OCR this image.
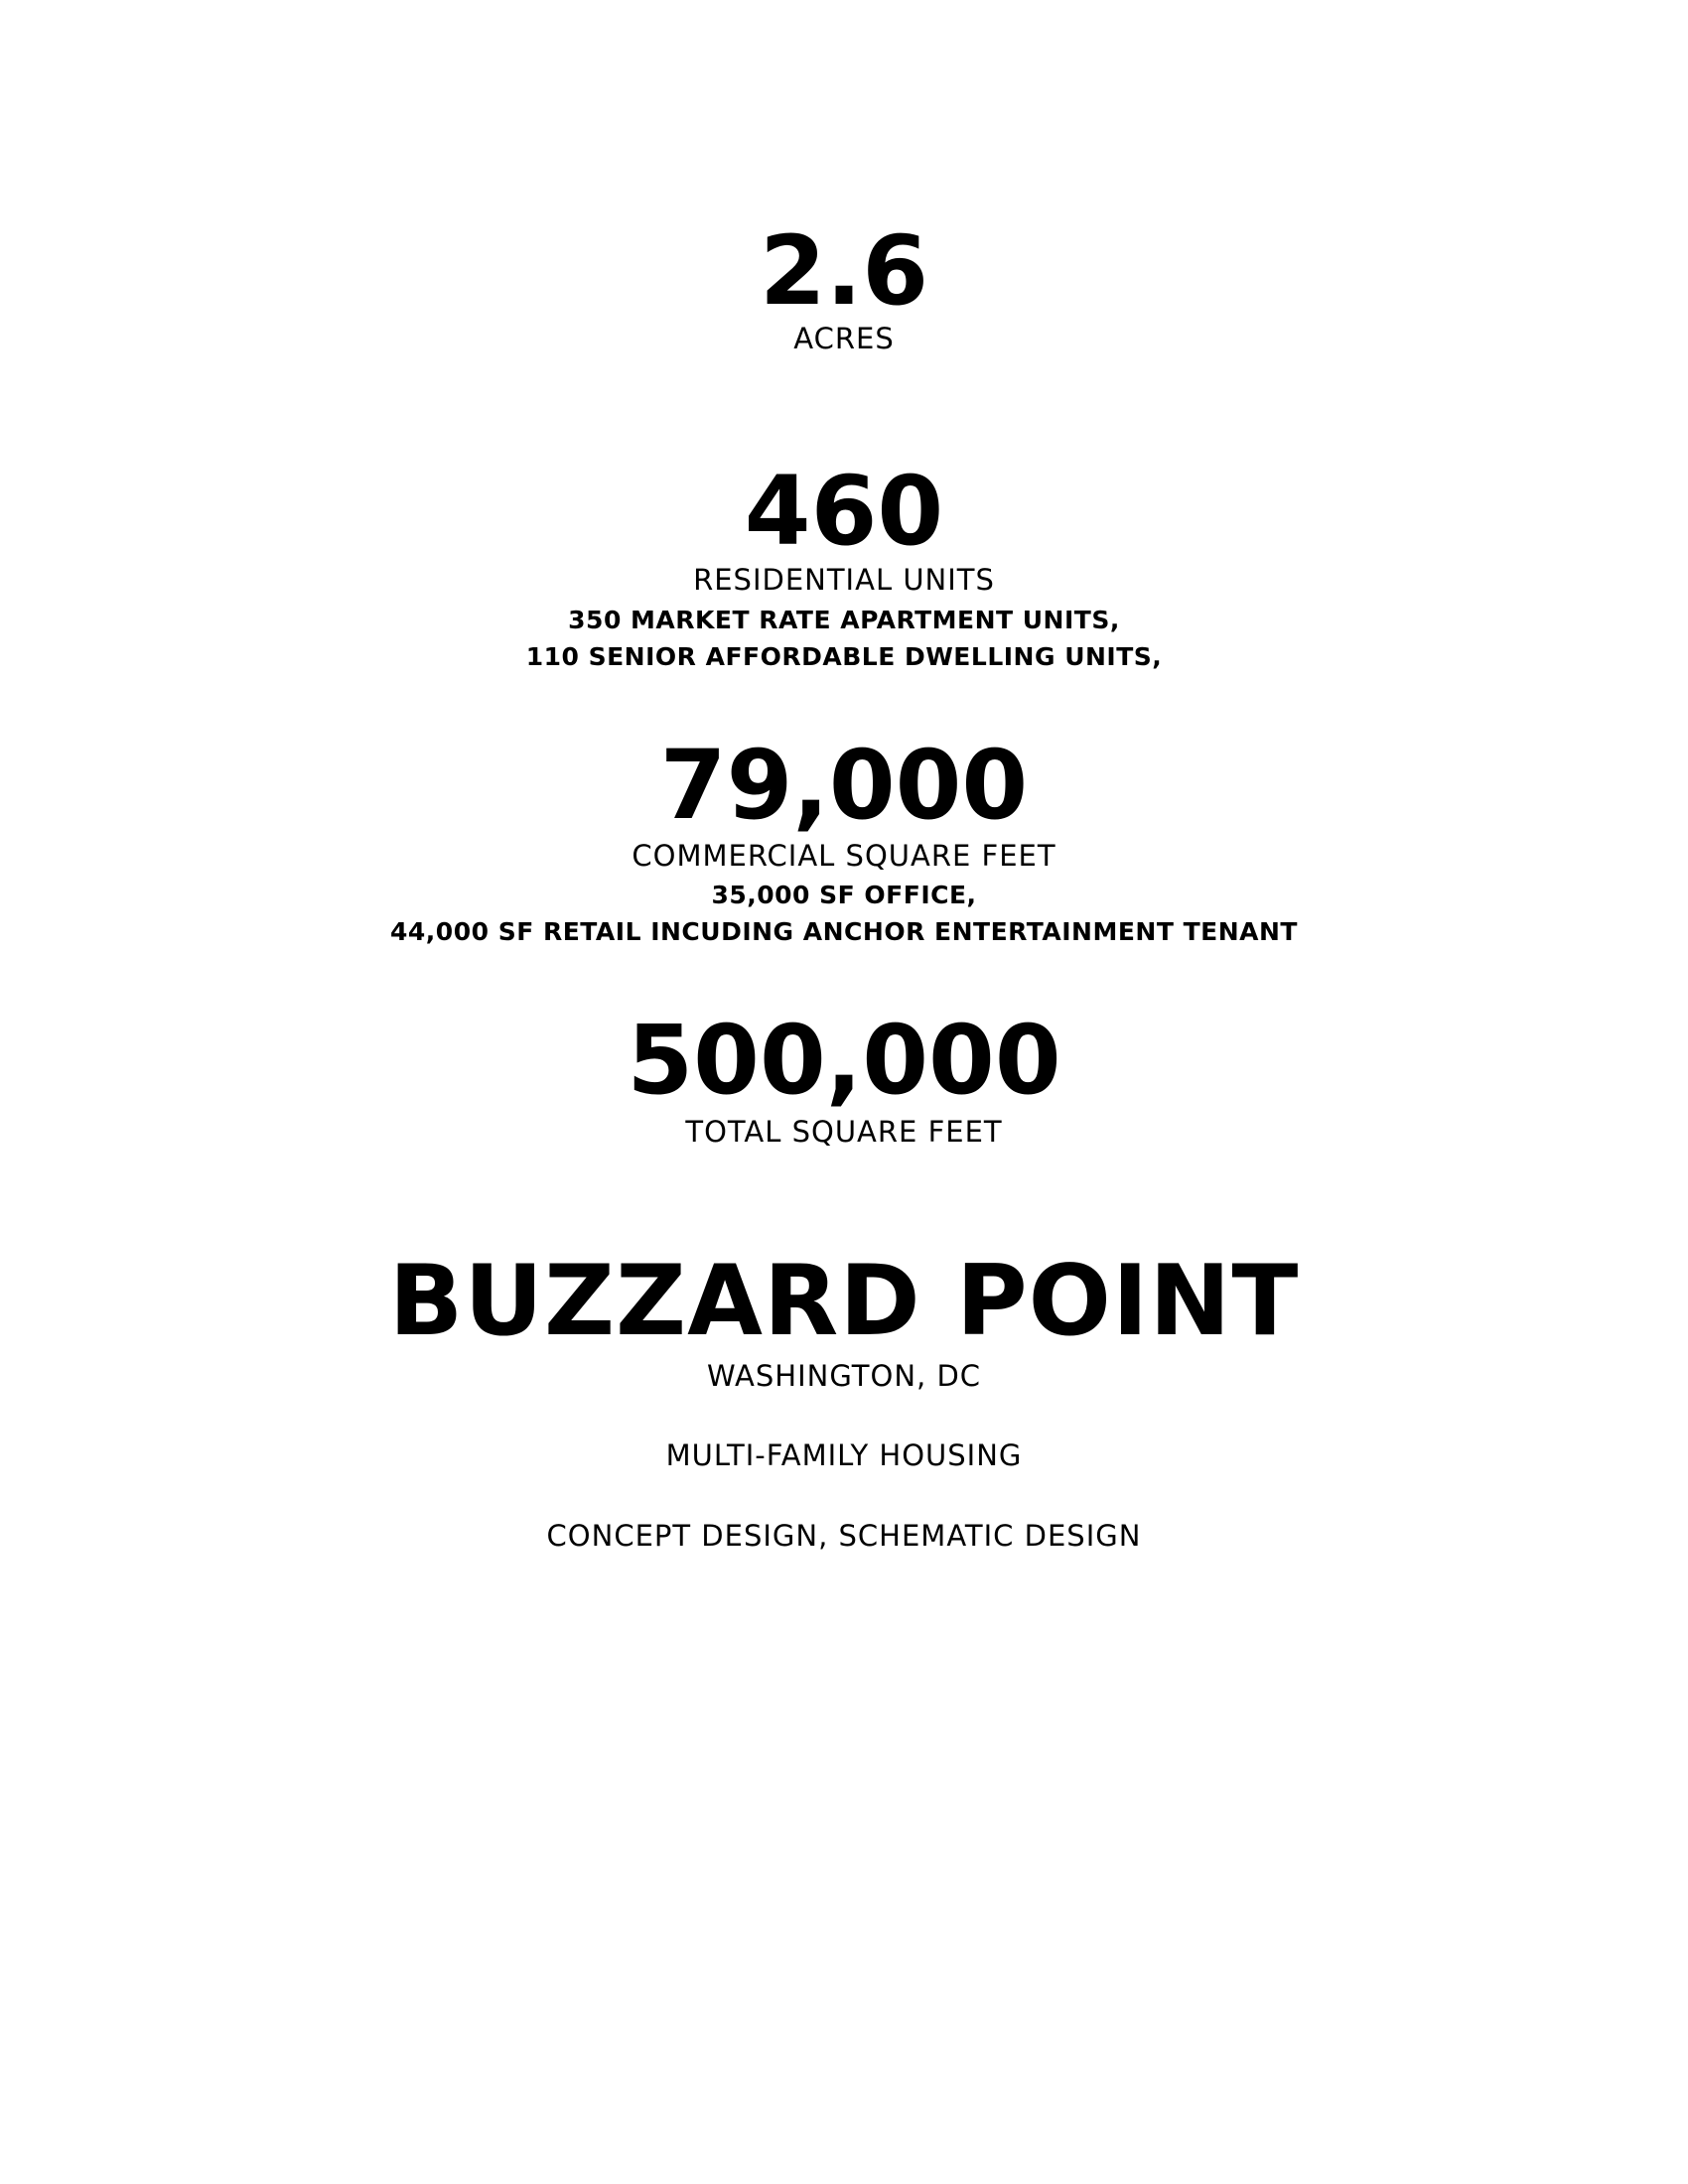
2.6
ACRES
460
RESIDENTIAL UNITS
350 MARKET RATE APARTMENT UNITS,
110 SENIOR AFFORDABLE DWELLING UNITS,
79,000
COMMERCIAL SQUARE FEET
35,000 SF OFFICE,
44,000 SF RETAIL INCUDING ANCHOR ENTERTAINMENT TENANT
500,000
TOTAL SQUARE FEET
BUZZARD POINT
WASHINGTON, DC
MULTI-FAMILY HOUSING
CONCEPT DESIGN, SCHEMATIC DESIGN
